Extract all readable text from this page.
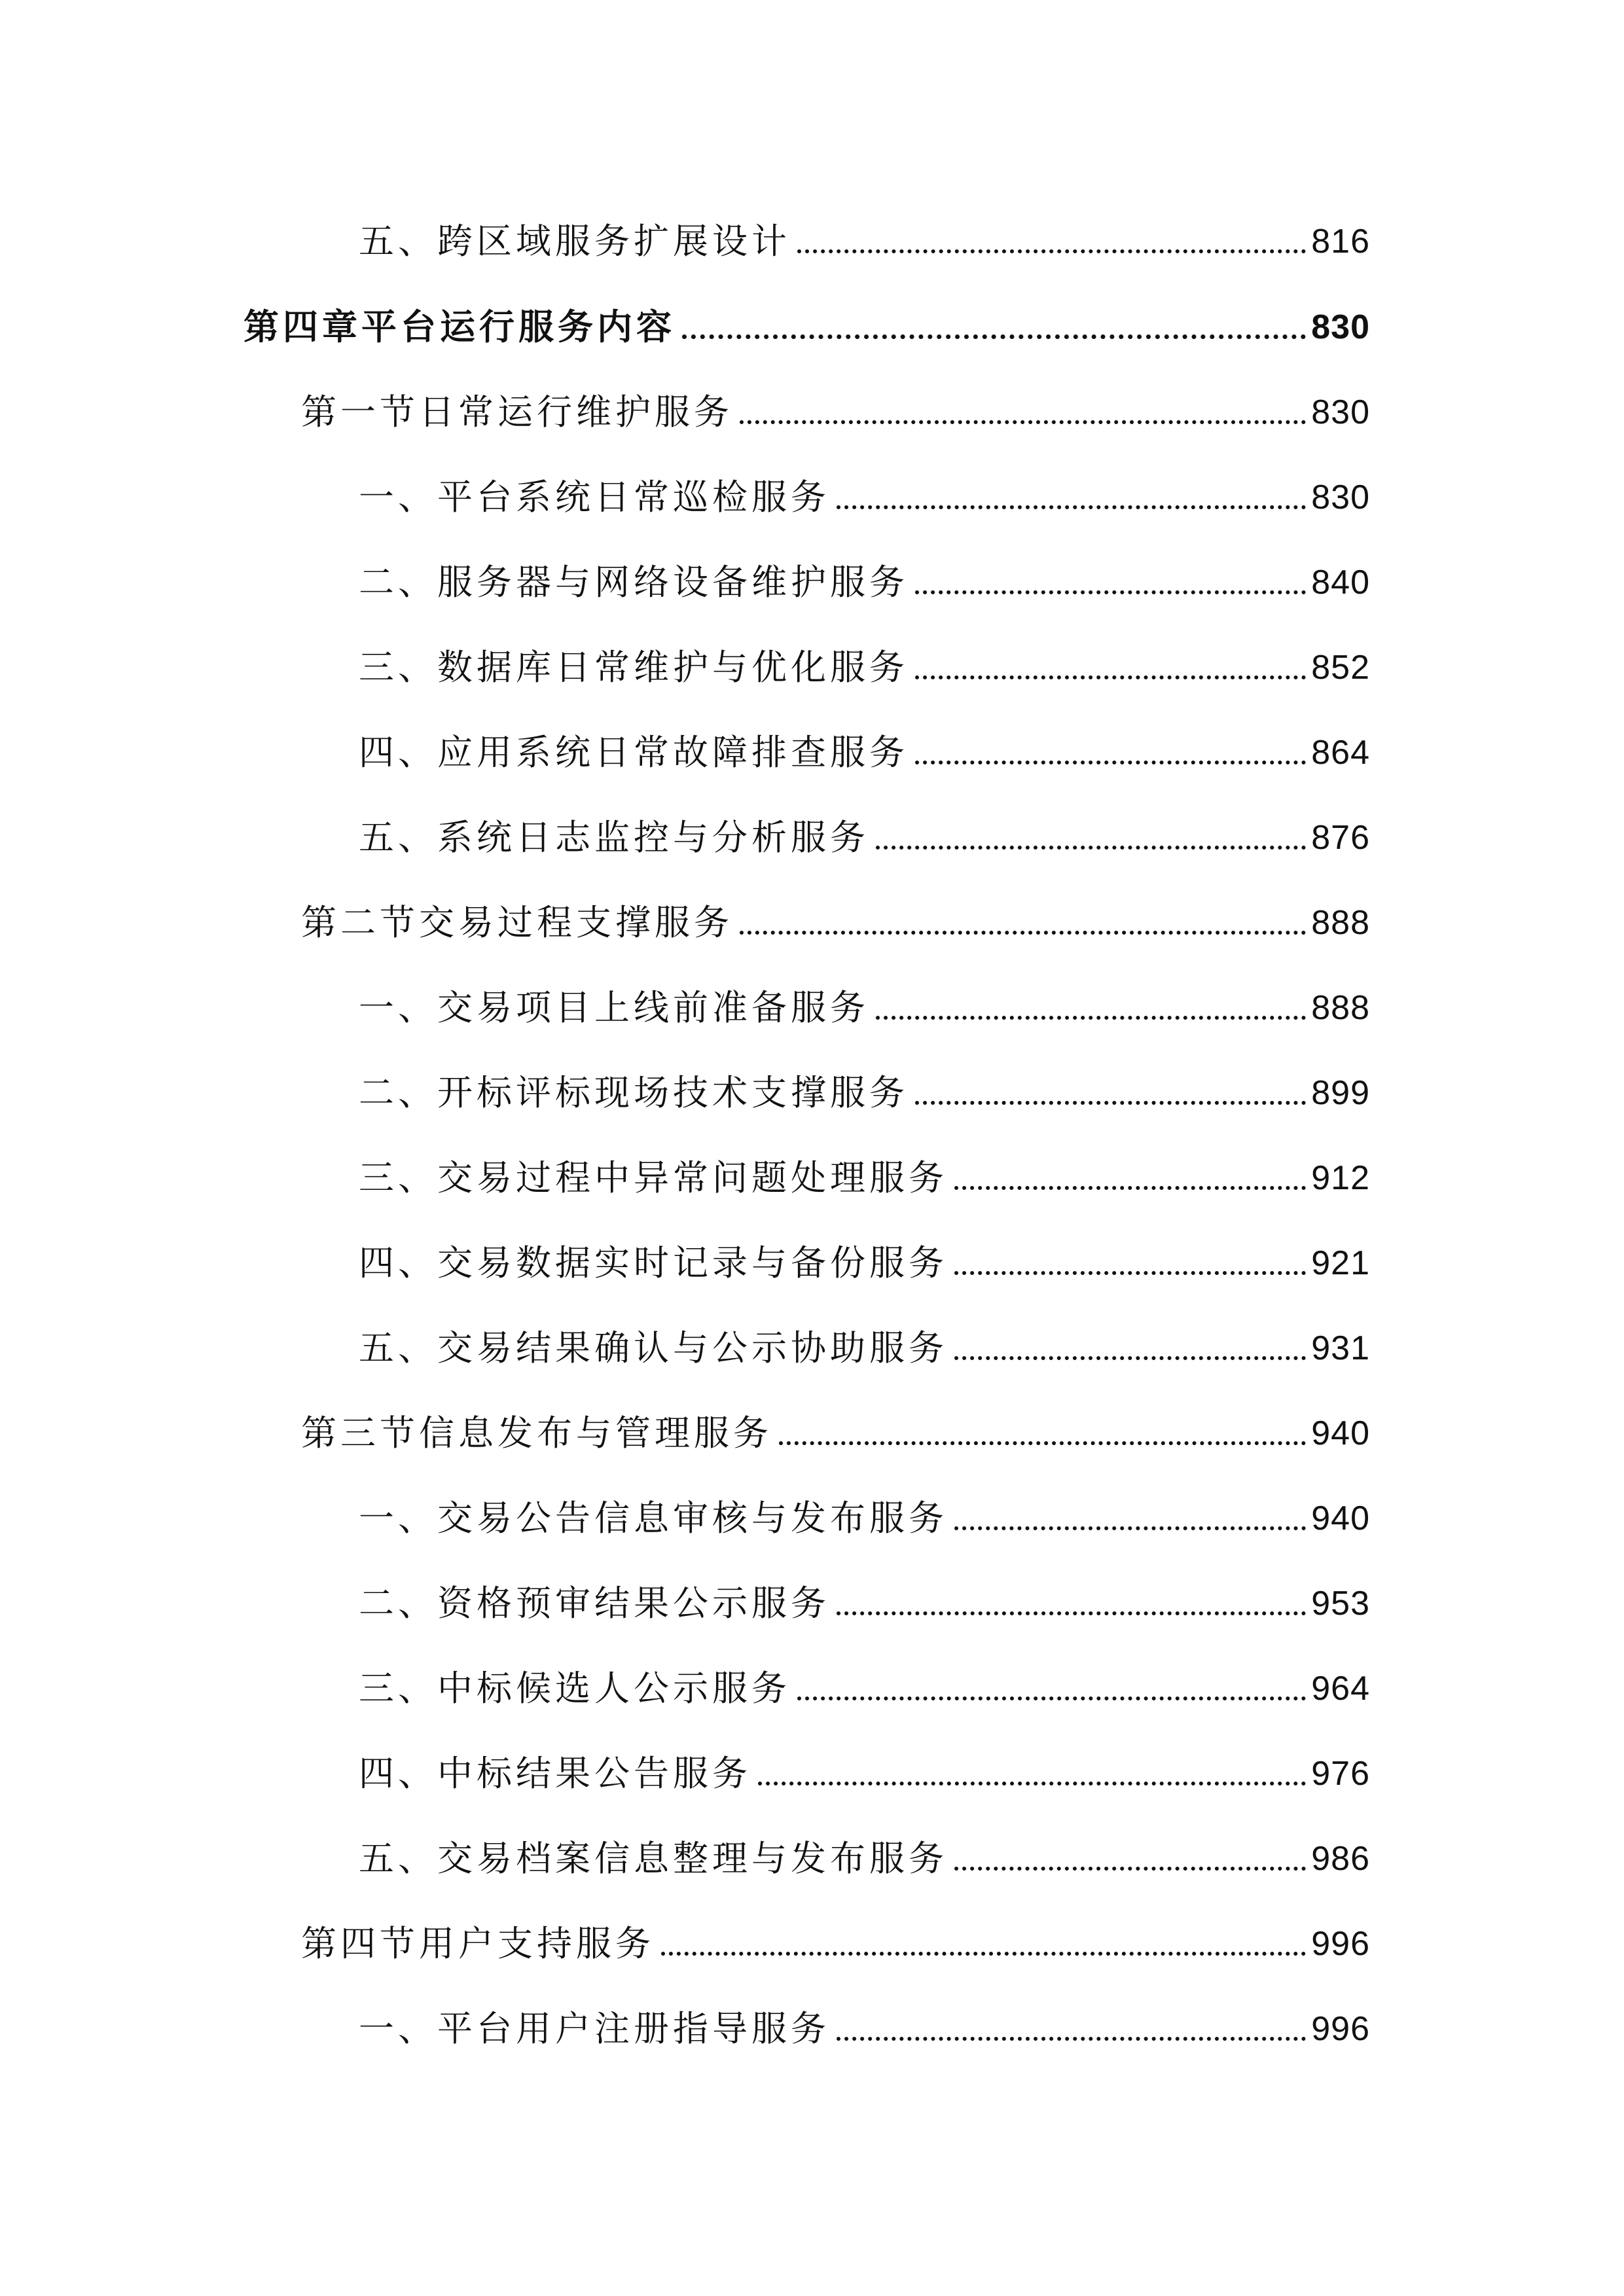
五、跨区域服务扩展设计	816
第四章平台运行服务内容	830
第一节日常运行维护服务	830
一、平台系统日常巡检服务	830
二、服务器与网络设备维护服务	840
三、数据库日常维护与优化服务	852
四、应用系统日常故障排查服务	864
五、系统日志监控与分析服务	876
第二节交易过程支撑服务	888
一、交易项目上线前准备服务	888
二、开标评标现场技术支撑服务	899
三、交易过程中异常问题处理服务	912
四、交易数据实时记录与备份服务	921
五、交易结果确认与公示协助服务	931
第三节信息发布与管理服务	940
一、交易公告信息审核与发布服务	940
二、资格预审结果公示服务	953
三、中标候选人公示服务	964
四、中标结果公告服务	976
五、交易档案信息整理与发布服务	986
第四节用户支持服务	996
一、平台用户注册指导服务	996
